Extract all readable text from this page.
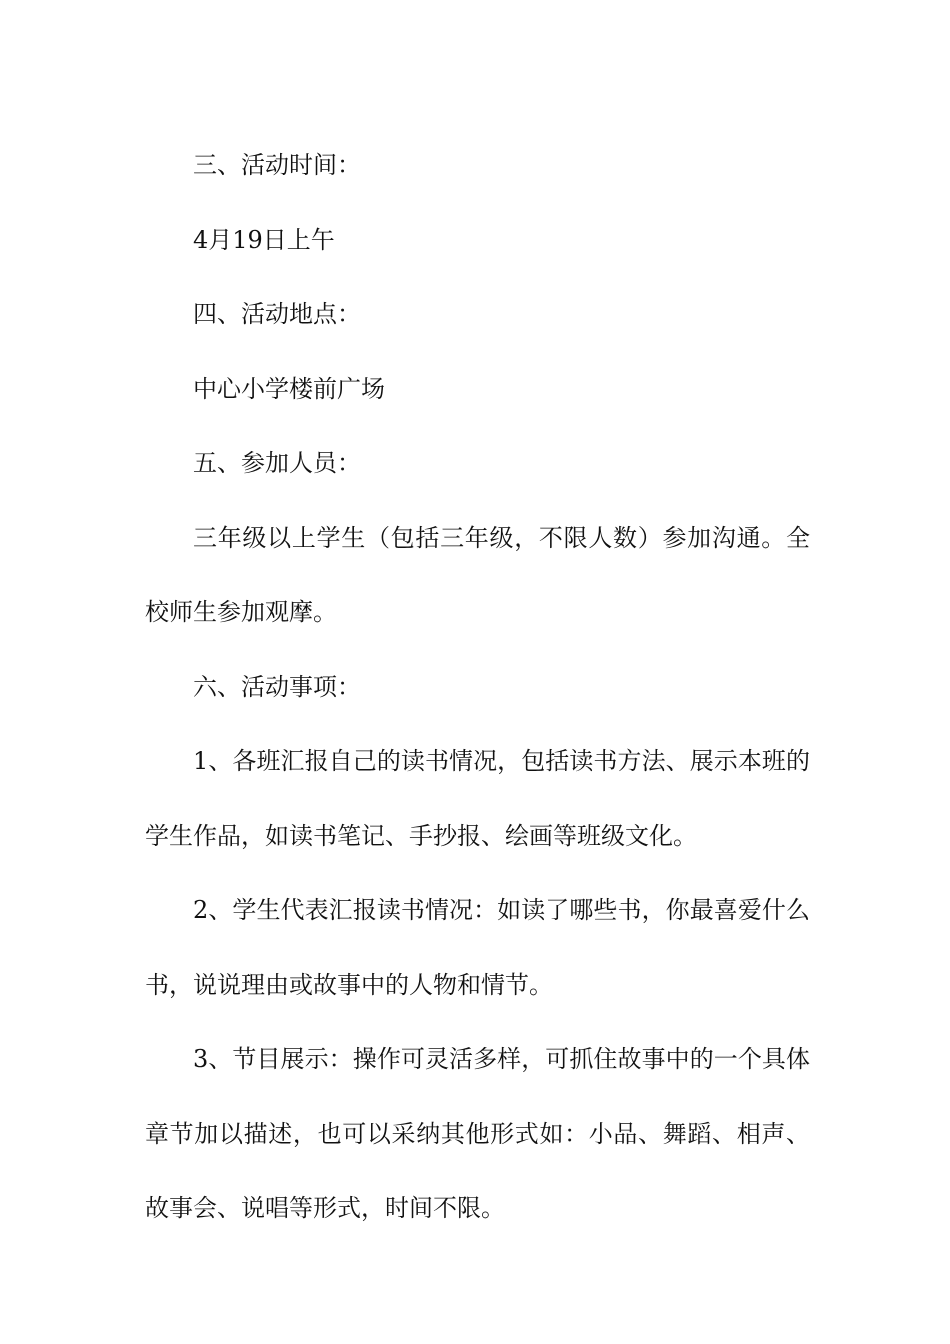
三、活动时间：

4月19日上午

四、活动地点：

中心小学楼前广场

五、参加人员：

三年级以上学生（包括三年级，不限人数）参加沟通。全校师生参加观摩。

六、活动事项：

1、各班汇报自己的读书情况，包括读书方法、展示本班的学生作品，如读书笔记、手抄报、绘画等班级文化。

2、学生代表汇报读书情况：如读了哪些书，你最喜爱什么书，说说理由或故事中的人物和情节。

3、节目展示：操作可灵活多样，可抓住故事中的一个具体章节加以描述，也可以采纳其他形式如：小品、舞蹈、相声、故事会、说唱等形式，时间不限。
